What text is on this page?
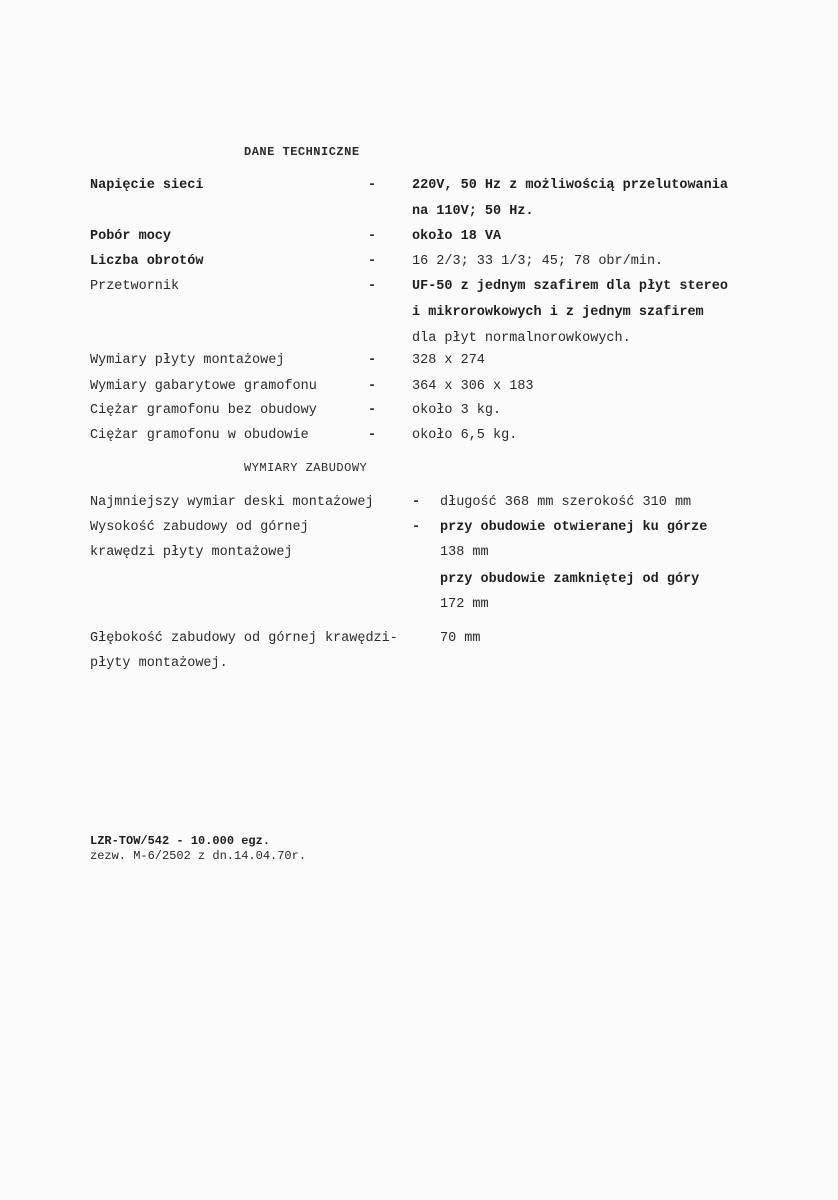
DANE TECHNICZNE
Napięcie sieci	-	220V, 50 Hz z możliwością przelutowania
na 110V; 50 Hz.
Pobór mocy	-	około 18 VA
Liczba obrotów	-	16 2/3; 33 1/3; 45; 78 obr/min.
Przetwornik	-	UF-50 z jednym szafirem dla płyt stereo
i mikrorowkowych i z jednym szafirem
dla płyt normalnorowkowych.
Wymiary płyty montażowej	-	328 x 274
Wymiary gabarytowe gramofonu	-	364 x 306 x 183
Ciężar gramofonu bez obudowy	-	około 3 kg.
Ciężar gramofonu w obudowie	-	około 6,5 kg.
WYMIARY ZABUDOWY
Najmniejszy wymiar deski montażowej	- długość 368 mm szerokość 310 mm
Wysokość zabudowy od górnej
krawędzi płyty montażowej
- przy obudowie otwieranej ku górze
138 mm
przy obudowie zamkniętej od góry
172 mm
Głębokość zabudowy od górnej krawędzi-
płyty montażowej.
70 mm
LZR-TOW/542 - 10.000 egz.
zezw. M-6/2502 z dn.14.04.70r.
